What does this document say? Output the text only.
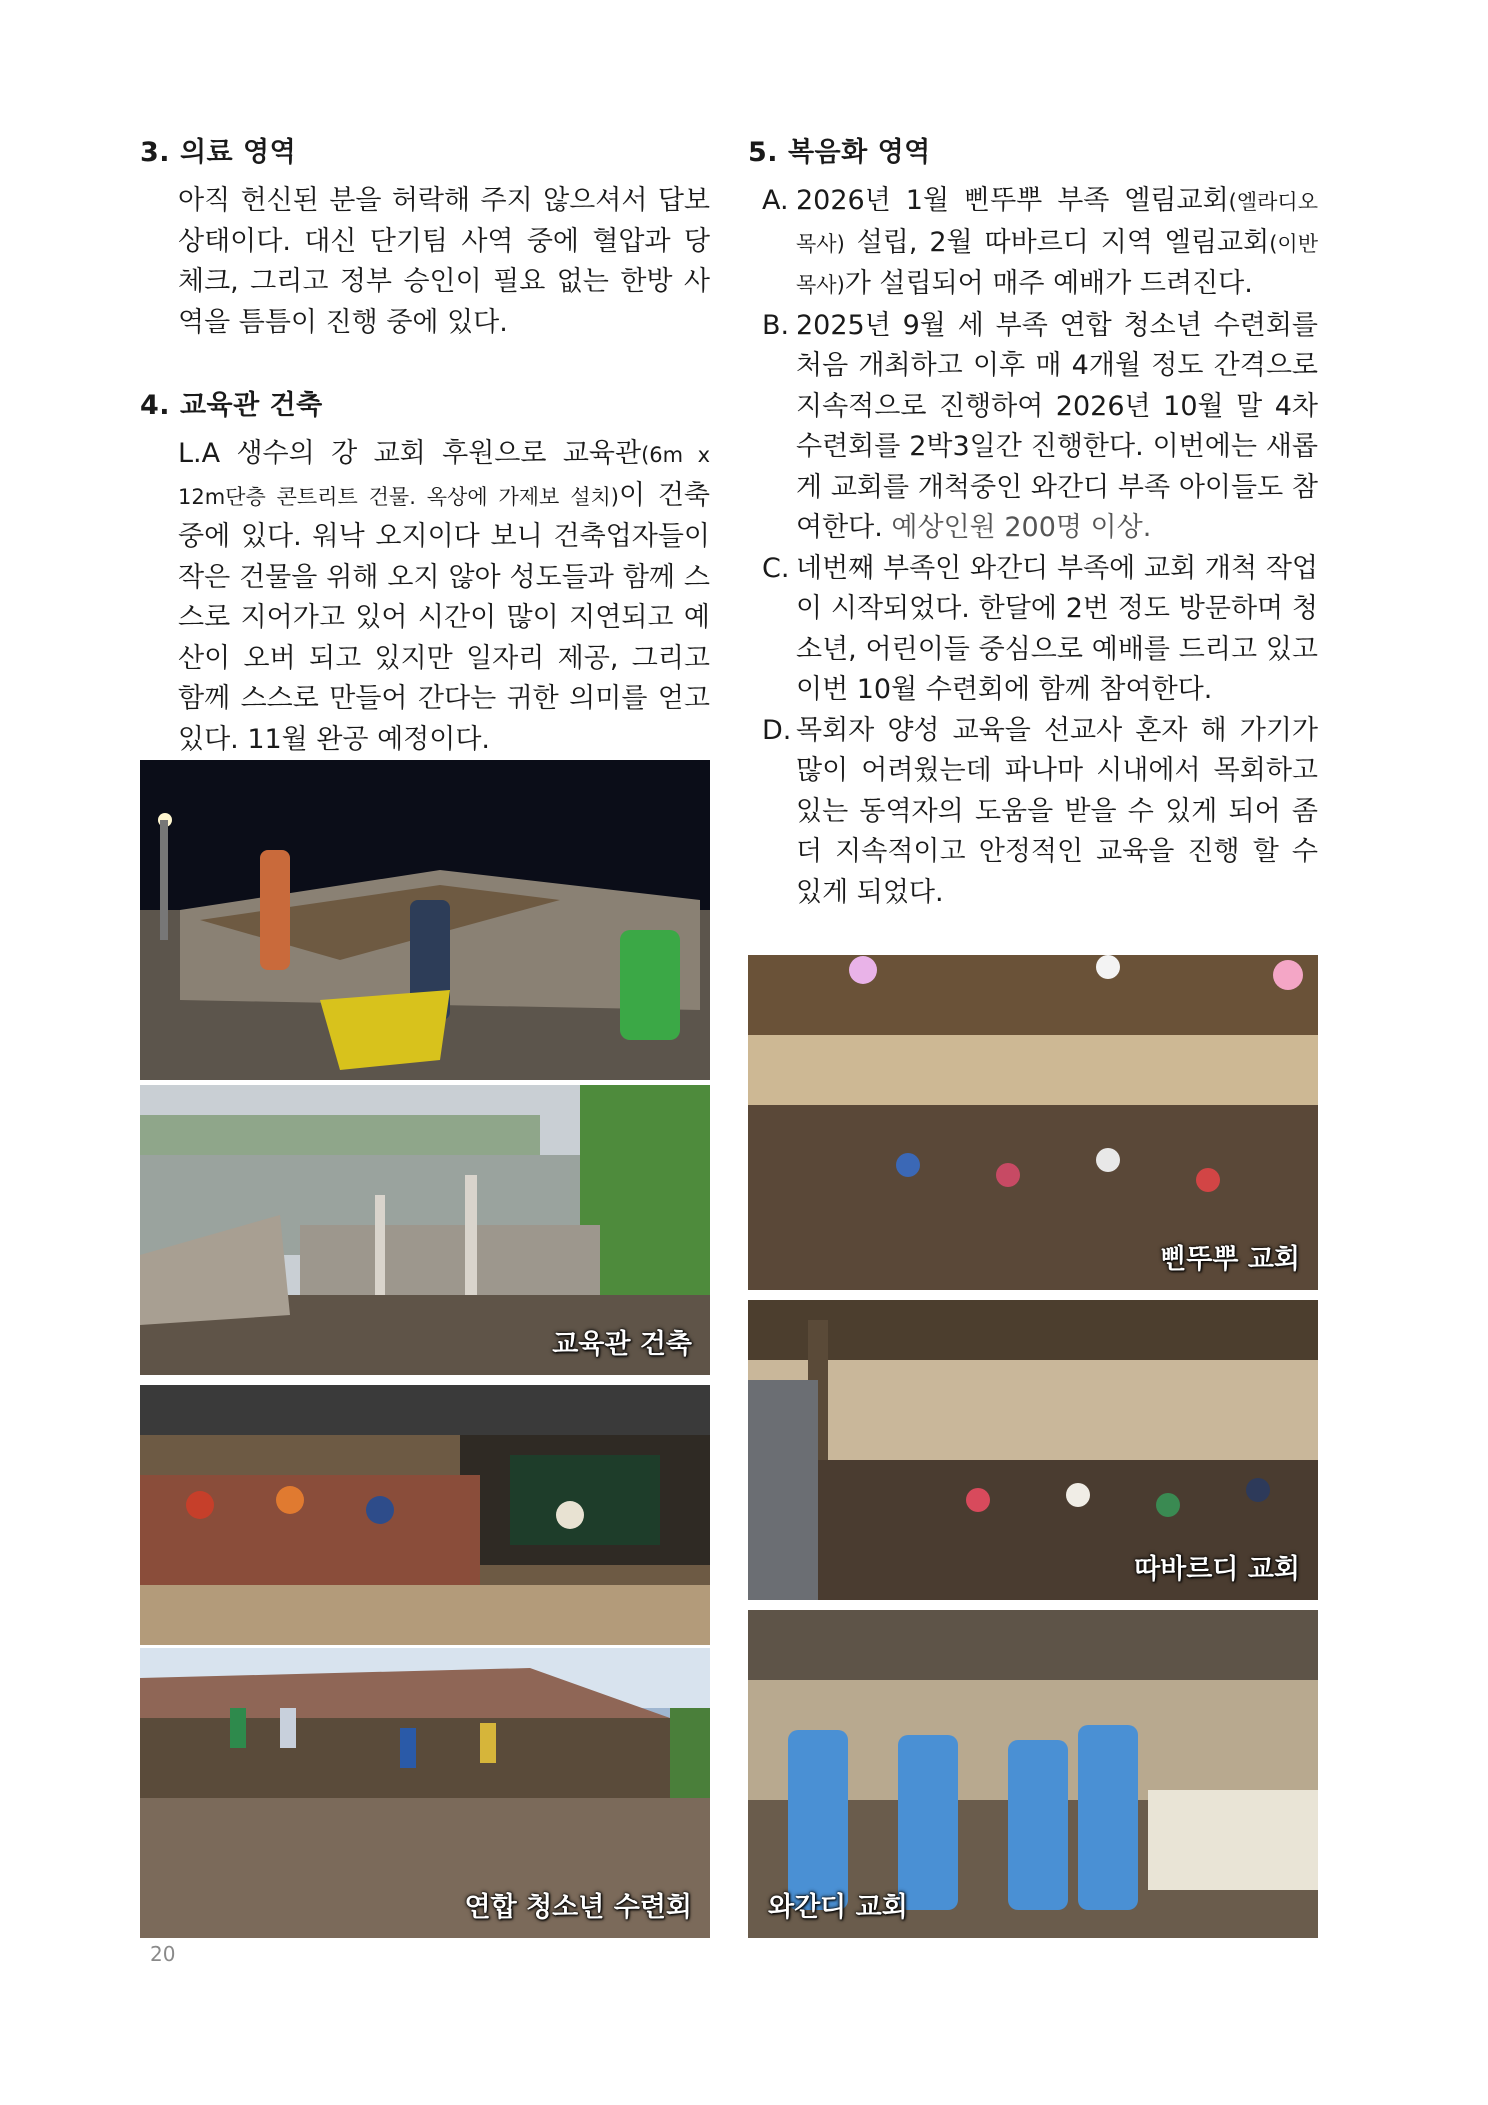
3. 의료 영역

아직 헌신된 분을 허락해 주지 않으셔서 답보상태이다. 대신 단기팀 사역 중에 혈압과 당 체크, 그리고 정부 승인이 필요 없는 한방 사역을 틈틈이 진행 중에 있다.

4. 교육관 건축

L.A 생수의 강 교회 후원으로 교육관(6m x 12m단층 콘트리트 건물. 옥상에 가제보 설치)이 건축 중에 있다. 워낙 오지이다 보니 건축업자들이 작은 건물을 위해 오지 않아 성도들과 함께 스스로 지어가고 있어 시간이 많이 지연되고 예산이 오버 되고 있지만 일자리 제공, 그리고 함께 스스로 만들어 간다는 귀한 의미를 얻고 있다. 11월 완공 예정이다.

5. 복음화 영역
A. 2026년 1월 삔뚜뿌 부족 엘림교회(엘라디오 목사) 설립, 2월 따바르디 지역 엘림교회(이반 목사)가 설립되어 매주 예배가 드려진다.
B. 2025년 9월 세 부족 연합 청소년 수련회를 처음 개최하고 이후 매 4개월 정도 간격으로 지속적으로 진행하여 2026년 10월 말 4차 수련회를 2박3일간 진행한다. 이번에는 새롭게 교회를 개척중인 와간디 부족 아이들도 참여한다. 예상인원 200명 이상.
C. 네번째 부족인 와간디 부족에 교회 개척 작업이 시작되었다. 한달에 2번 정도 방문하며 청소년, 어린이들 중심으로 예배를 드리고 있고 이번 10월 수련회에 함께 참여한다.
D. 목회자 양성 교육을 선교사 혼자 해 가기가 많이 어려웠는데 파나마 시내에서 목회하고 있는 동역자의 도움을 받을 수 있게 되어 좀 더 지속적이고 안정적인 교육을 진행 할 수 있게 되었다.
교육관 건축
연합 청소년 수련회
삔뚜뿌 교회
따바르디 교회
와간디 교회
20
